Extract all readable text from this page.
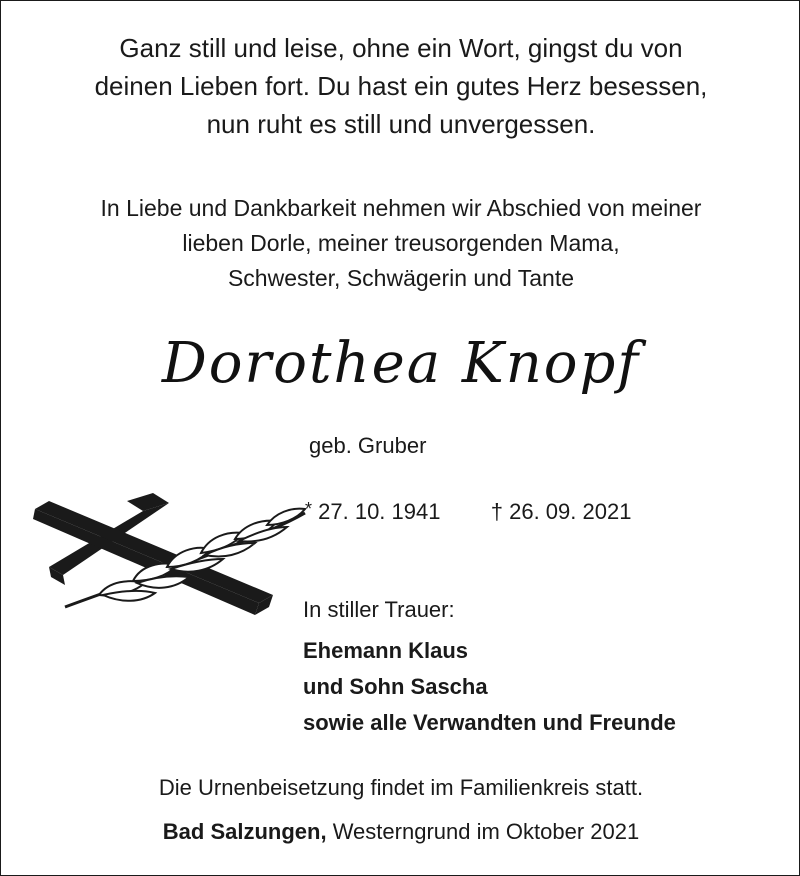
Ganz still und leise, ohne ein Wort, gingst du von
deinen Lieben fort. Du hast ein gutes Herz besessen,
nun ruht es still und unvergessen.
In Liebe und Dankbarkeit nehmen wir Abschied von meiner
lieben Dorle, meiner treusorgenden Mama,
Schwester, Schwägerin und Tante
Dorothea Knopf
geb. Gruber
* 27. 10. 1941 † 26. 09. 2021
In stiller Trauer:
Ehemann Klaus
und Sohn Sascha
sowie alle Verwandten und Freunde
Die Urnenbeisetzung findet im Familienkreis statt.
Bad Salzungen, Westerngrund im Oktober 2021
